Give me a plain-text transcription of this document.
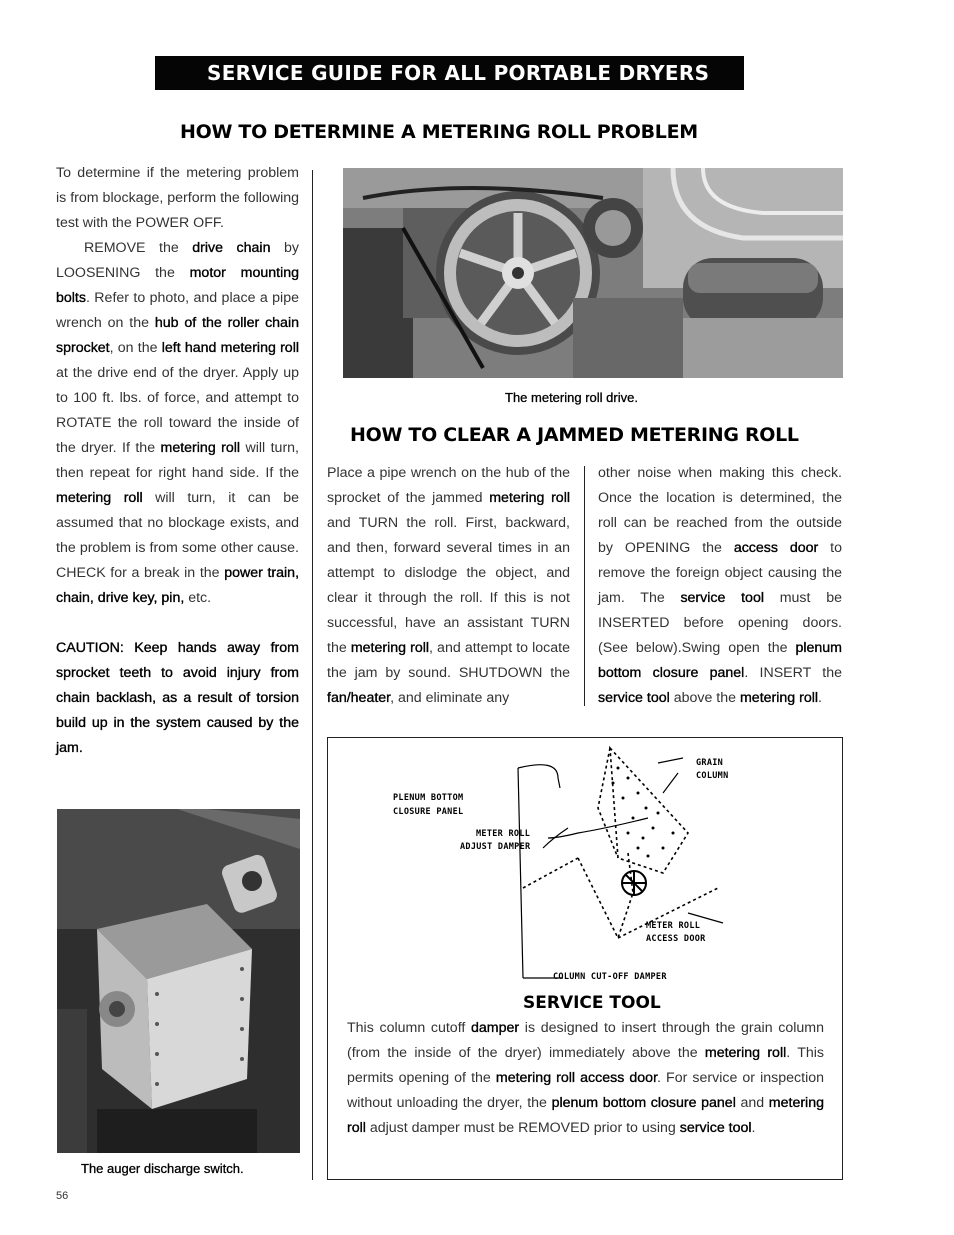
SERVICE GUIDE FOR ALL PORTABLE DRYERS
HOW TO DETERMINE A METERING ROLL PROBLEM
To determine if the metering problem is from blockage, perform the following test with the POWER OFF.
REMOVE the drive chain by LOOSENING the motor mounting bolts. Refer to photo, and place a pipe wrench on the hub of the roller chain sprocket, on the left hand metering roll at the drive end of the dryer. Apply up to 100 ft. lbs. of force, and attempt to ROTATE the roll toward the inside of the dryer. If the metering roll will turn, then repeat for right hand side. If the metering roll will turn, it can be assumed that no blockage exists, and the problem is from some other cause. CHECK for a break in the power train, chain, drive key, pin, etc.
CAUTION: Keep hands away from sprocket teeth to avoid injury from chain backlash, as a result of torsion build up in the system caused by the jam.
The metering roll drive.
HOW TO CLEAR A JAMMED METERING ROLL
Place a pipe wrench on the hub of the sprocket of the jammed metering roll and TURN the roll. First, backward, and then, forward several times in an attempt to dislodge the object, and clear it through the roll. If this is not successful, have an assistant TURN the metering roll, and attempt to locate the jam by sound. SHUTDOWN the fan/heater, and eliminate any
other noise when making this check. Once the location is determined, the roll can be reached from the outside by OPENING the access door to remove the foreign object causing the jam. The service tool must be INSERTED before opening doors. (See below).Swing open the plenum bottom closure panel. INSERT the service tool above the metering roll.
The auger discharge switch.
GRAIN
COLUMN
PLENUM BOTTOM
CLOSURE PANEL
METER ROLL
ADJUST DAMPER
METER ROLL
ACCESS DOOR
COLUMN CUT-OFF DAMPER
SERVICE TOOL
This column cutoff damper is designed to insert through the grain column (from the inside of the dryer) immediately above the metering roll. This permits opening of the metering roll access door. For service or inspection without unloading the dryer, the plenum bottom closure panel and metering roll adjust damper must be REMOVED prior to using service tool.
56
